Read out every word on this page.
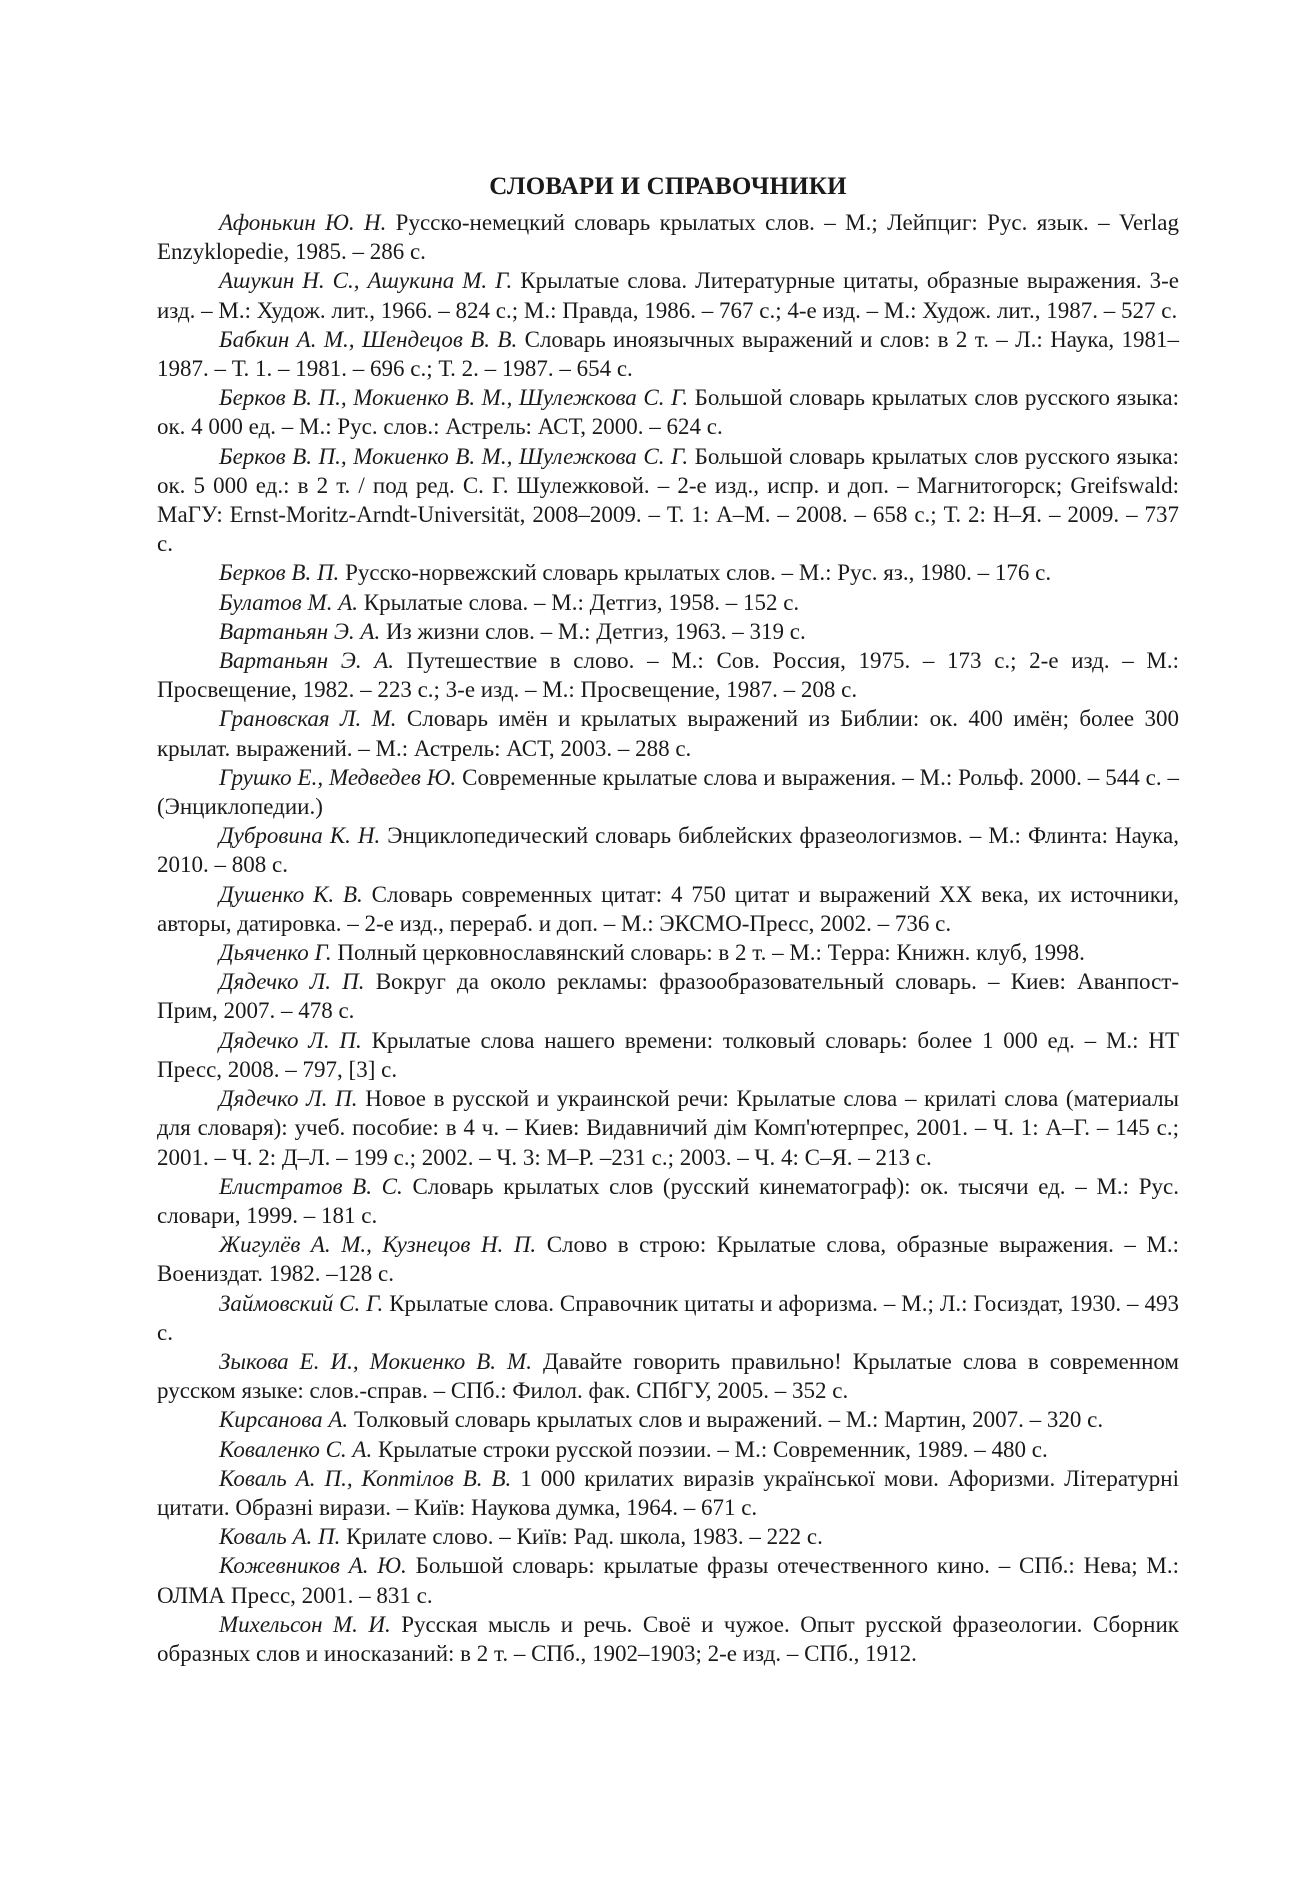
СЛОВАРИ И СПРАВОЧНИКИ

Афонькин Ю. Н. Русско-немецкий словарь крылатых слов. – М.; Лейпциг: Рус. язык. – Verlag Enzyklopedie, 1985. – 286 с.

Ашукин Н. С., Ашукина М. Г. Крылатые слова. Литературные цитаты, образные выражения. 3-е изд. – М.: Худож. лит., 1966. – 824 с.; М.: Правда, 1986. – 767 с.; 4-е изд. – М.: Худож. лит., 1987. – 527 с.

Бабкин А. М., Шендецов В. В. Словарь иноязычных выражений и слов: в 2 т. – Л.: Наука, 1981–1987. – Т. 1. – 1981. – 696 с.; Т. 2. – 1987. – 654 с.

Берков В. П., Мокиенко В. М., Шулежкова С. Г. Большой словарь крылатых слов русского языка: ок. 4 000 ед. – М.: Рус. слов.: Астрель: АСТ, 2000. – 624 с.

Берков В. П., Мокиенко В. М., Шулежкова С. Г. Большой словарь крылатых слов русского языка: ок. 5 000 ед.: в 2 т. / под ред. С. Г. Шулежковой. – 2-е изд., испр. и доп. – Магнитогорск; Greifswald: МаГУ: Ernst-Moritz-Arndt-Universität, 2008–2009. – Т. 1: А–М. – 2008. – 658 с.; Т. 2: Н–Я. – 2009. – 737 с.

Берков В. П. Русско-норвежский словарь крылатых слов. – М.: Рус. яз., 1980. – 176 с.

Булатов М. А. Крылатые слова. – М.: Детгиз, 1958. – 152 с.

Вартаньян Э. А. Из жизни слов. – М.: Детгиз, 1963. – 319 с.

Вартаньян Э. А. Путешествие в слово. – М.: Сов. Россия, 1975. – 173 с.; 2-е изд. – М.: Просвещение, 1982. – 223 с.; 3-е изд. – М.: Просвещение, 1987. – 208 с.

Грановская Л. М. Словарь имён и крылатых выражений из Библии: ок. 400 имён; более 300 крылат. выражений. – М.: Астрель: АСТ, 2003. – 288 с.

Грушко Е., Медведев Ю. Современные крылатые слова и выражения. – М.: Рольф. 2000. – 544 с. – (Энциклопедии.)

Дубровина К. Н. Энциклопедический словарь библейских фразеологизмов. – М.: Флинта: Наука, 2010. – 808 с.

Душенко К. В. Словарь современных цитат: 4 750 цитат и выражений XX века, их источники, авторы, датировка. – 2-е изд., перераб. и доп. – М.: ЭКСМО-Пресс, 2002. – 736 с.

Дьяченко Г. Полный церковнославянский словарь: в 2 т. – М.: Терра: Книжн. клуб, 1998.

Дядечко Л. П. Вокруг да около рекламы: фразообразовательный словарь. – Киев: Аванпост-Прим, 2007. – 478 с.

Дядечко Л. П. Крылатые слова нашего времени: толковый словарь: более 1 000 ед. – М.: НТ Пресс, 2008. – 797, [3] с.

Дядечко Л. П. Новое в русской и украинской речи: Крылатые слова – крилатi слова (материалы для словаря): учеб. пособие: в 4 ч. – Киев: Видавничий дiм Комп'ютерпрес, 2001. – Ч. 1: А–Г. – 145 с.; 2001. – Ч. 2: Д–Л. – 199 с.; 2002. – Ч. 3: М–Р. –231 с.; 2003. – Ч. 4: С–Я. – 213 с.

Елистратов В. С. Словарь крылатых слов (русский кинематограф): ок. тысячи ед. – М.: Рус. словари, 1999. – 181 с.

Жигулёв А. М., Кузнецов Н. П. Слово в строю: Крылатые слова, образные выражения. – М.: Воениздат. 1982. –128 с.

Займовский С. Г. Крылатые слова. Справочник цитаты и афоризма. – М.; Л.: Госиздат, 1930. – 493 с.

Зыкова Е. И., Мокиенко В. М. Давайте говорить правильно! Крылатые слова в современном русском языке: слов.-справ. – СПб.: Филол. фак. СПбГУ, 2005. – 352 с.

Кирсанова А. Толковый словарь крылатых слов и выражений. – М.: Мартин, 2007. – 320 с.

Коваленко С. А. Крылатые строки русской поэзии. – М.: Современник, 1989. – 480 с.

Коваль А. П., Коптiлов В. В. 1 000 крилатих виразiв української мови. Афоризми. Лiтературнi цитати. Образнi вирази. – Київ: Наукова думка, 1964. – 671 с.

Коваль А. П. Крилате слово. – Київ: Рад. школа, 1983. – 222 с.

Кожевников А. Ю. Большой словарь: крылатые фразы отечественного кино. – СПб.: Нева; М.: ОЛМА Пресс, 2001. – 831 с.

Михельсон М. И. Русская мысль и речь. Своё и чужое. Опыт русской фразеологии. Сборник образных слов и иносказаний: в 2 т. – СПб., 1902–1903; 2-е изд. – СПб., 1912.
